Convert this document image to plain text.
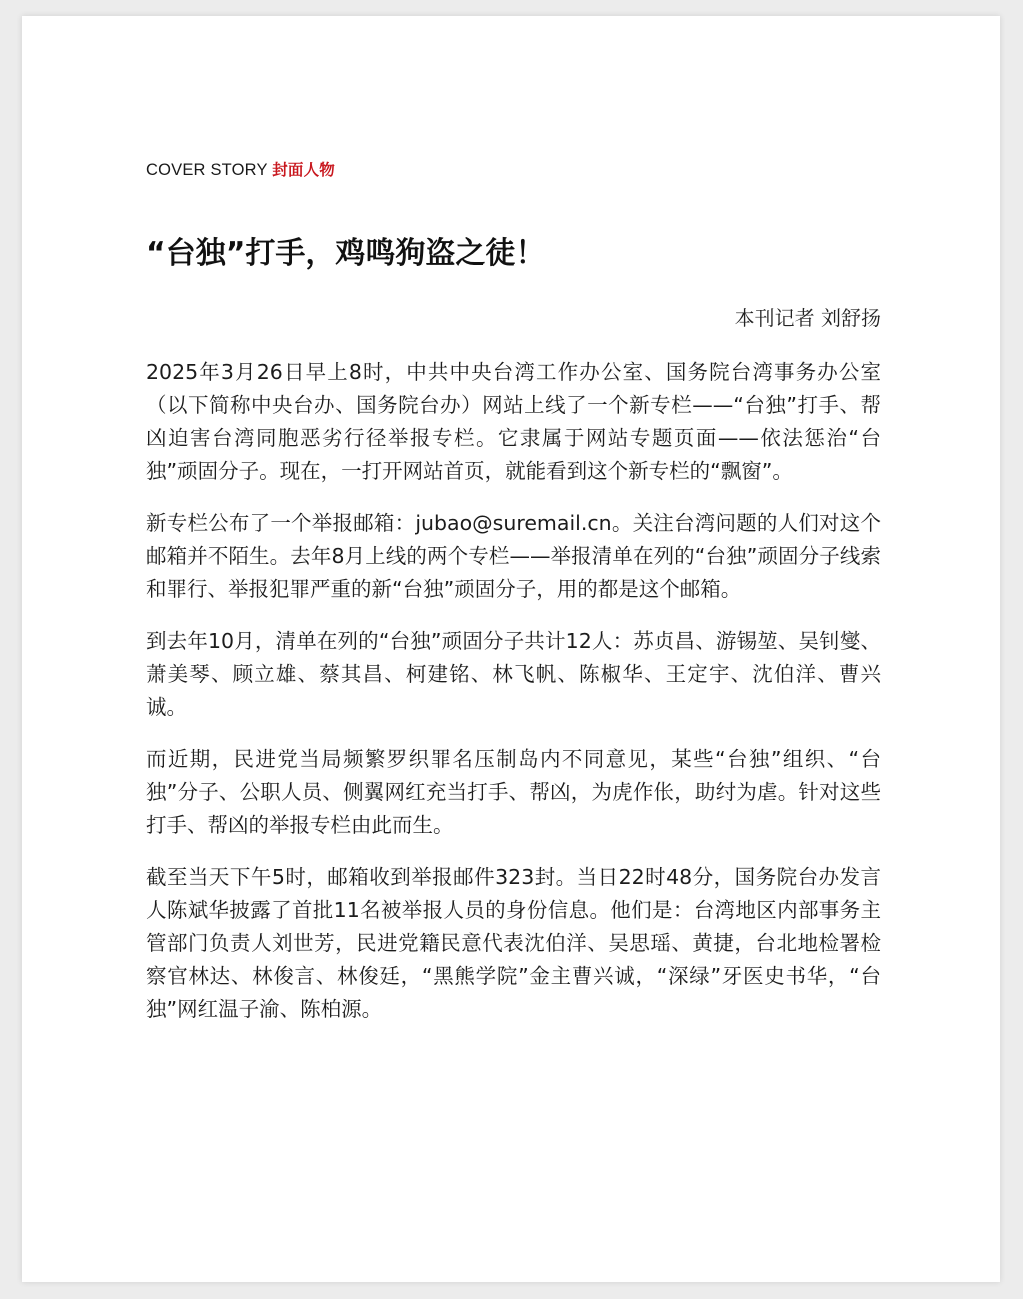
COVER STORY 封面人物

“台独”打手，鸡鸣狗盗之徒！

本刊记者 刘舒扬

2025年3月26日早上8时，中共中央台湾工作办公室、国务院台湾事务办公室（以下简称中央台办、国务院台办）网站上线了一个新专栏——“台独”打手、帮凶迫害台湾同胞恶劣行径举报专栏。它隶属于网站专题页面——依法惩治“台独”顽固分子。现在，一打开网站首页，就能看到这个新专栏的“飘窗”。

新专栏公布了一个举报邮箱：jubao@suremail.cn。关注台湾问题的人们对这个邮箱并不陌生。去年8月上线的两个专栏——举报清单在列的“台独”顽固分子线索和罪行、举报犯罪严重的新“台独”顽固分子，用的都是这个邮箱。

到去年10月，清单在列的“台独”顽固分子共计12人：苏贞昌、游锡堃、吴钊燮、萧美琴、顾立雄、蔡其昌、柯建铭、林飞帆、陈椒华、王定宇、沈伯洋、曹兴诚。

而近期，民进党当局频繁罗织罪名压制岛内不同意见，某些“台独”组织、“台独”分子、公职人员、侧翼网红充当打手、帮凶，为虎作伥，助纣为虐。针对这些打手、帮凶的举报专栏由此而生。

截至当天下午5时，邮箱收到举报邮件323封。当日22时48分，国务院台办发言人陈斌华披露了首批11名被举报人员的身份信息。他们是：台湾地区内部事务主管部门负责人刘世芳，民进党籍民意代表沈伯洋、吴思瑶、黄捷，台北地检署检察官林达、林俊言、林俊廷，“黑熊学院”金主曹兴诚，“深绿”牙医史书华，“台独”网红温子渝、陈柏源。
